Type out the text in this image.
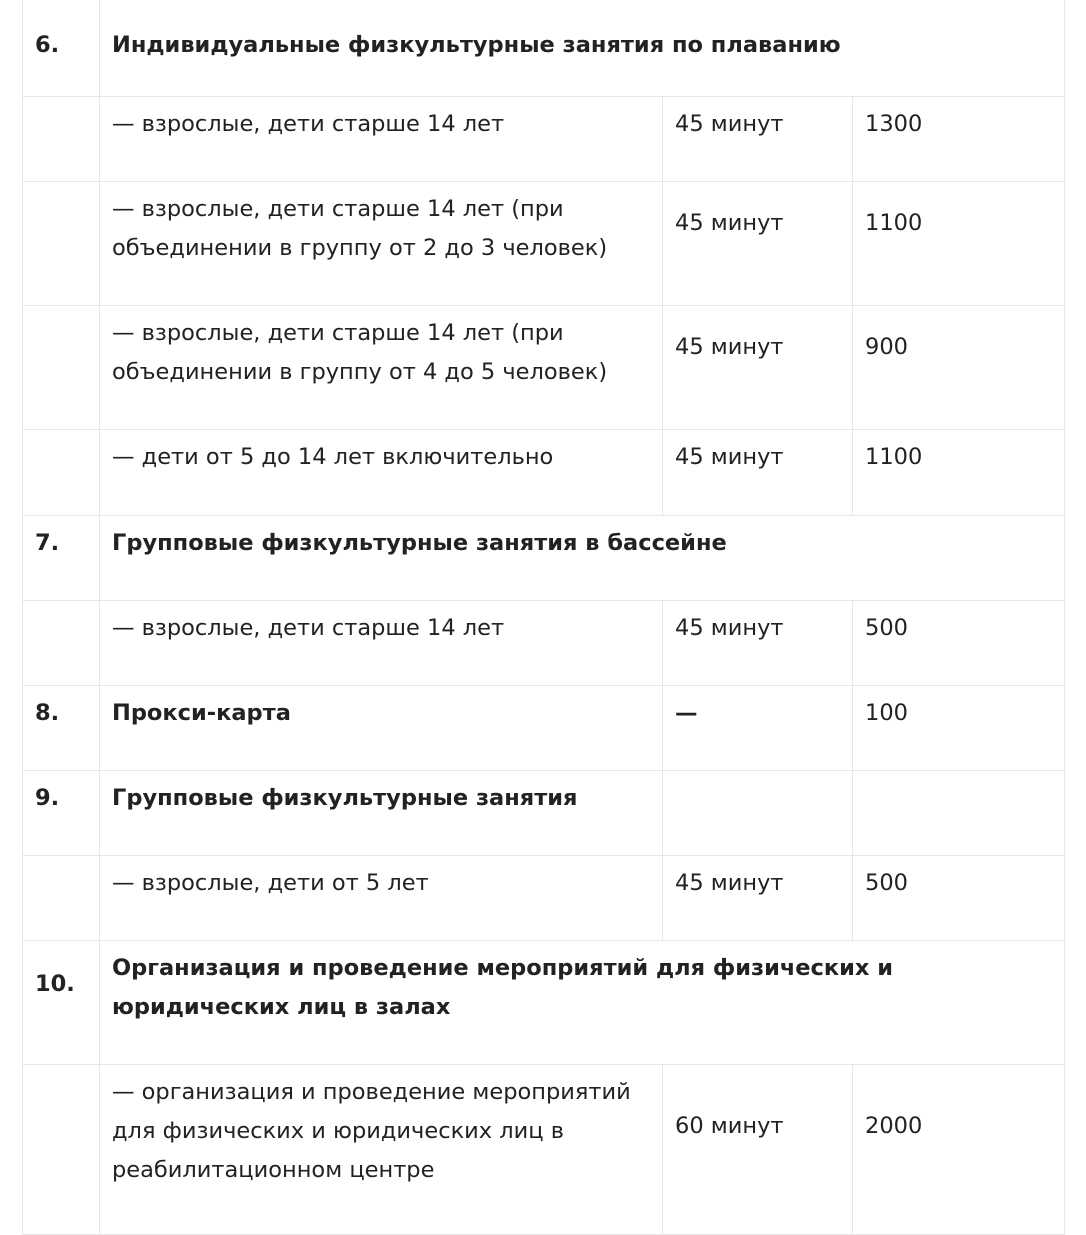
6.	Индивидуальные физкультурные занятия по плаванию		
	— взрослые, дети старше 14 лет	45 минут	1300

	— взрослые, дети старше 14 лет (при
объединении в группу от 2 до 3 человек)	45 минут	1100

	— взрослые, дети старше 14 лет (при
объединении в группу от 4 до 5 человек)	45 минут	900
	— дети от 5 до 14 лет включительно	45 минут	1100
7.	Групповые физкультурные занятия в бассейне		
	— взрослые, дети старше 14 лет	45 минут	500
8.	Прокси-карта	—	100
9.	Групповые физкультурные занятия		
	— взрослые, дети от 5 лет	45 минут	500
10.	Организация и проведение мероприятий для физических и
юридических лиц в залах		

	— организация и проведение мероприятий
для физических и юридических лиц в
реабилитационном центре	60 минут	2000
